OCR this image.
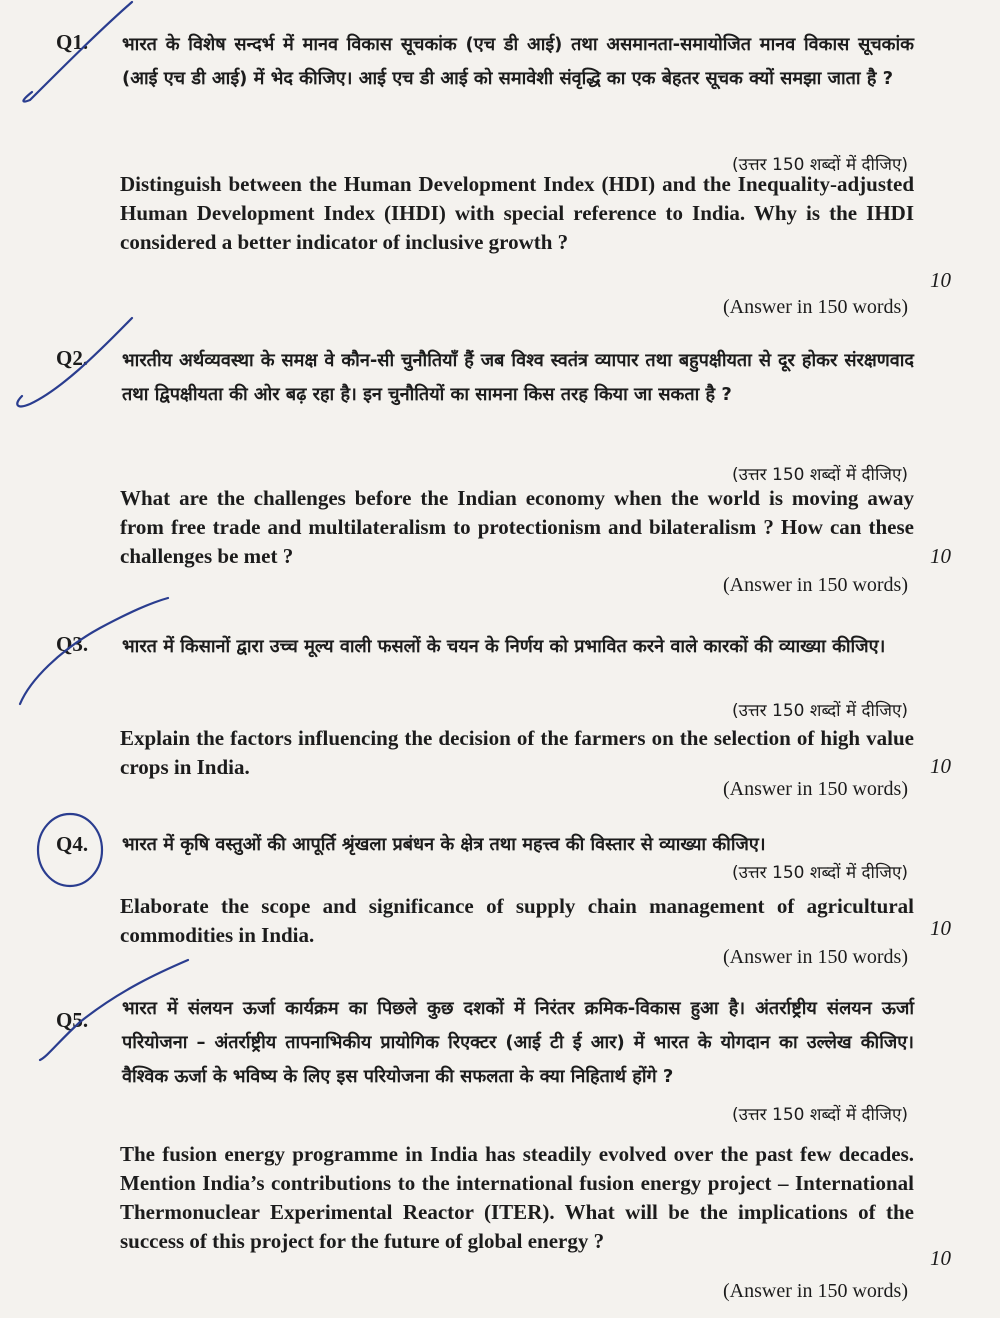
Q1. भारत के विशेष सन्दर्भ में मानव विकास सूचकांक (एच डी आई) तथा असमानता-समायोजित मानव विकास सूचकांक (आई एच डी आई) में भेद कीजिए। आई एच डी आई को समावेशी संवृद्धि का एक बेहतर सूचक क्यों समझा जाता है ?
(उत्तर 150 शब्दों में दीजिए)
Distinguish between the Human Development Index (HDI) and the Inequality-adjusted Human Development Index (IHDI) with special reference to India. Why is the IHDI considered a better indicator of inclusive growth ?
10
(Answer in 150 words)
Q2. भारतीय अर्थव्यवस्था के समक्ष वे कौन-सी चुनौतियाँ हैं जब विश्व स्वतंत्र व्यापार तथा बहुपक्षीयता से दूर होकर संरक्षणवाद तथा द्विपक्षीयता की ओर बढ़ रहा है। इन चुनौतियों का सामना किस तरह किया जा सकता है ?
(उत्तर 150 शब्दों में दीजिए)
What are the challenges before the Indian economy when the world is moving away from free trade and multilateralism to protectionism and bilateralism ? How can these challenges be met ?	10
(Answer in 150 words)
Q3. भारत में किसानों द्वारा उच्च मूल्य वाली फसलों के चयन के निर्णय को प्रभावित करने वाले कारकों की व्याख्या कीजिए।
(उत्तर 150 शब्दों में दीजिए)
Explain the factors influencing the decision of the farmers on the selection of high value crops in India.	10
(Answer in 150 words)
Q4. भारत में कृषि वस्तुओं की आपूर्ति श्रृंखला प्रबंधन के क्षेत्र तथा महत्त्व की विस्तार से व्याख्या कीजिए।
(उत्तर 150 शब्दों में दीजिए)
Elaborate the scope and significance of supply chain management of agricultural commodities in India.	10
(Answer in 150 words)
Q5. भारत में संलयन ऊर्जा कार्यक्रम का पिछले कुछ दशकों में निरंतर क्रमिक-विकास हुआ है। अंतर्राष्ट्रीय संलयन ऊर्जा परियोजना – अंतर्राष्ट्रीय तापनाभिकीय प्रायोगिक रिएक्टर (आई टी ई आर) में भारत के योगदान का उल्लेख कीजिए। वैश्विक ऊर्जा के भविष्य के लिए इस परियोजना की सफलता के क्या निहितार्थ होंगे ?
(उत्तर 150 शब्दों में दीजिए)
The fusion energy programme in India has steadily evolved over the past few decades. Mention India’s contributions to the international fusion energy project – International Thermonuclear Experimental Reactor (ITER). What will be the implications of the success of this project for the future of global energy ?
10
(Answer in 150 words)
